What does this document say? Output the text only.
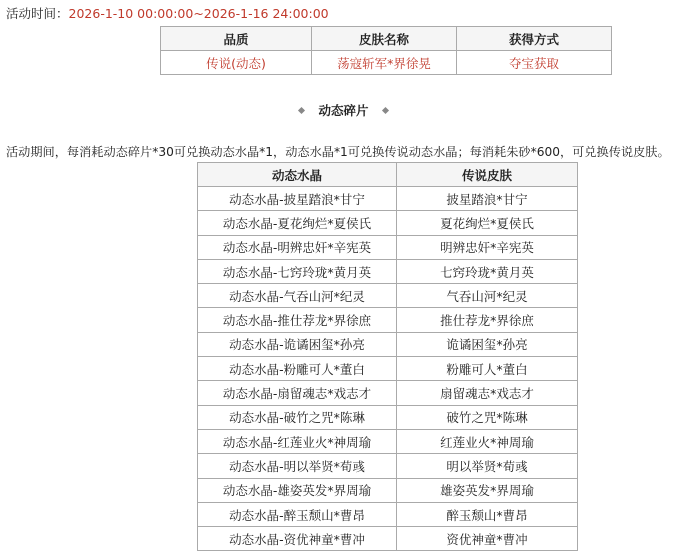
活动时间：2026-1-10 00:00:00~2026-1-16 24:00:00
品质	皮肤名称	获得方式
传说(动态)	荡寇斩军*界徐晃	夺宝获取
动态碎片
活动期间，每消耗动态碎片*30可兑换动态水晶*1，动态水晶*1可兑换传说动态水晶；每消耗朱砂*600，可兑换传说皮肤。
动态水晶	传说皮肤
动态水晶-披星踏浪*甘宁	披星踏浪*甘宁
动态水晶-夏花绚烂*夏侯氏	夏花绚烂*夏侯氏
动态水晶-明辨忠奸*辛宪英	明辨忠奸*辛宪英
动态水晶-七窍玲珑*黄月英	七窍玲珑*黄月英
动态水晶-气吞山河*纪灵	气吞山河*纪灵
动态水晶-推仕荐龙*界徐庶	推仕荐龙*界徐庶
动态水晶-诡谲困玺*孙亮	诡谲困玺*孙亮
动态水晶-粉雕可人*董白	粉雕可人*董白
动态水晶-扇留魂志*戏志才	扇留魂志*戏志才
动态水晶-破竹之咒*陈琳	破竹之咒*陈琳
动态水晶-红莲业火*神周瑜	红莲业火*神周瑜
动态水晶-明以举贤*荀彧	明以举贤*荀彧
动态水晶-雄姿英发*界周瑜	雄姿英发*界周瑜
动态水晶-醉玉颓山*曹昂	醉玉颓山*曹昂
动态水晶-资优神童*曹冲	资优神童*曹冲
